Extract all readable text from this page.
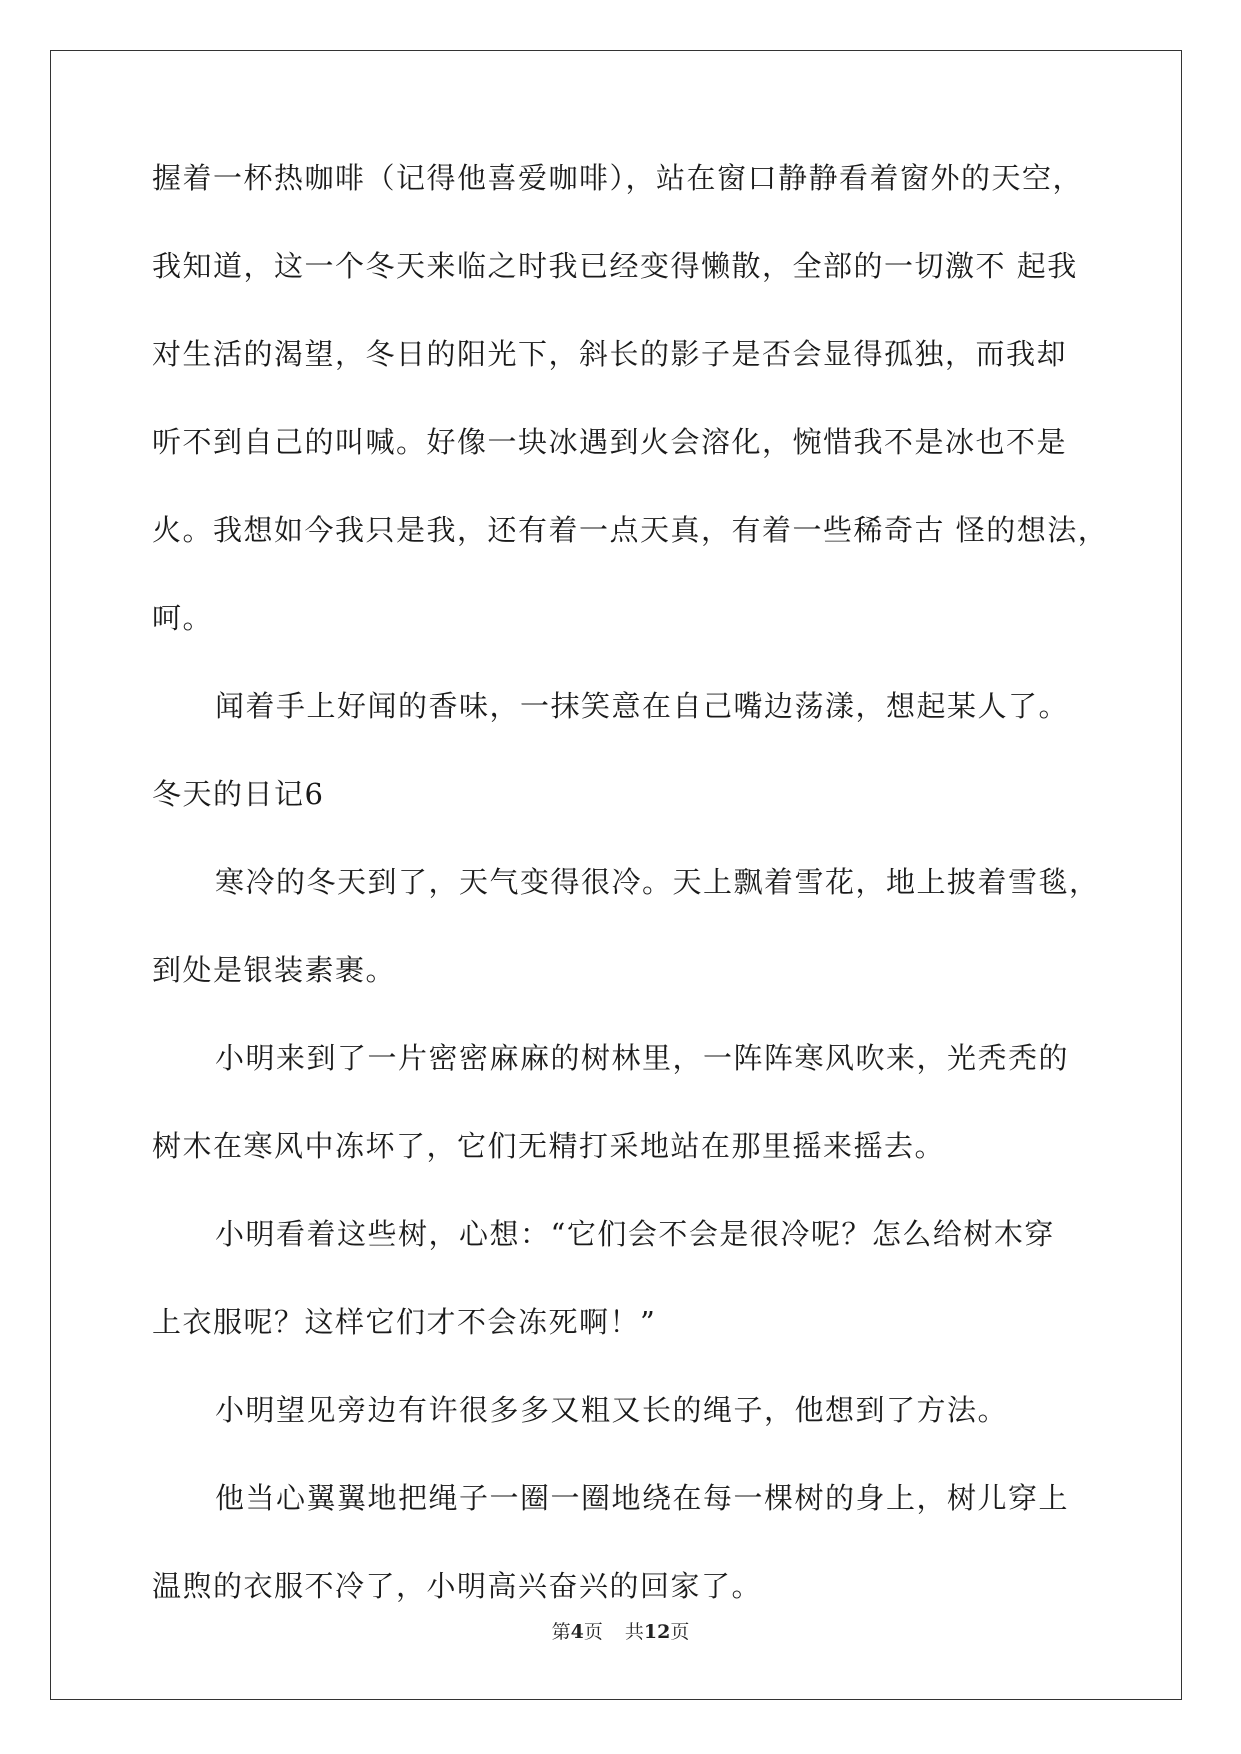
握着一杯热咖啡（记得他喜爱咖啡），站在窗口静静看着窗外的天空，
我知道，这一个冬天来临之时我已经变得懒散，全部的一切激不 起我
对生活的渴望，冬日的阳光下，斜长的影子是否会显得孤独，而我却
听不到自己的叫喊。好像一块冰遇到火会溶化，惋惜我不是冰也不是
火。我想如今我只是我，还有着一点天真，有着一些稀奇古 怪的想法，
呵。
闻着手上好闻的香味，一抹笑意在自己嘴边荡漾，想起某人了。
冬天的日记6
寒冷的冬天到了，天气变得很冷。天上飘着雪花，地上披着雪毯，
到处是银装素裹。
小明来到了一片密密麻麻的树林里，一阵阵寒风吹来，光秃秃的
树木在寒风中冻坏了，它们无精打采地站在那里摇来摇去。
小明看着这些树，心想：“它们会不会是很冷呢？怎么给树木穿
上衣服呢？这样它们才不会冻死啊！”
小明望见旁边有许很多多又粗又长的绳子，他想到了方法。
他当心翼翼地把绳子一圈一圈地绕在每一棵树的身上，树儿穿上
温煦的衣服不冷了，小明高兴奋兴的回家了。
第4页 共12页
